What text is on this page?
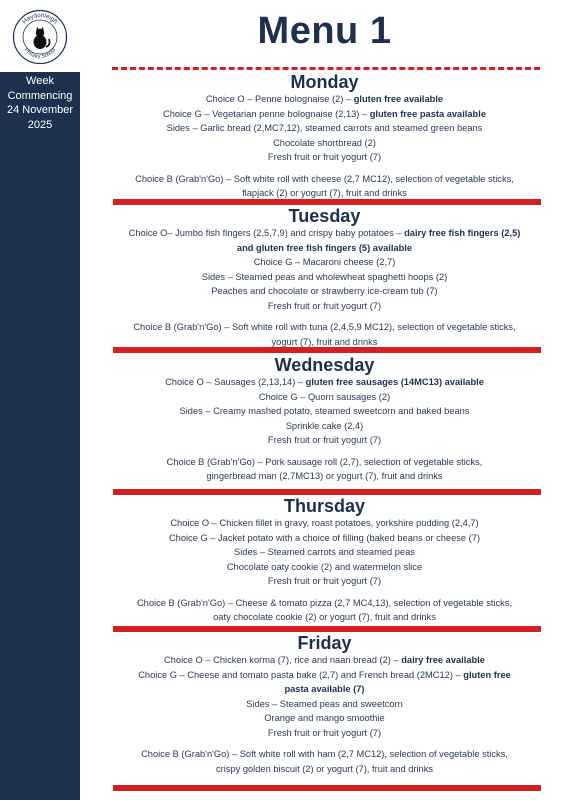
Week
Commencing
24 November
2025
Haydonleigh
Primary School	Menu 1
Monday
Choice O – Penne bolognaise (2) – gluten free available
Choice G – Vegetarian penne bolognaise (2,13) – gluten free pasta available
Sides – Garlic bread (2,MC7,12), steamed carrots and steamed green beans
Chocolate shortbread (2)
Fresh fruit or fruit yogurt (7)
Choice B (Grab'n'Go) – Soft white roll with cheese (2,7 MC12), selection of vegetable sticks,
flapjack (2) or yogurt (7), fruit and drinks
Tuesday
Choice O– Jumbo fish fingers (2,5,7,9) and crispy baby potatoes – dairy free fish fingers (2,5)
and gluten free fish fingers (5) available
Choice G – Macaroni cheese (2,7)
Sides – Steamed peas and wholewheat spaghetti hoops (2)
Peaches and chocolate or strawberry ice-cream tub (7)
Fresh fruit or fruit yogurt (7)
Choice B (Grab'n'Go) – Soft white roll with tuna (2,4,5,9 MC12), selection of vegetable sticks,
yogurt (7), fruit and drinks
Wednesday
Choice O – Sausages (2,13,14) – gluten free sausages (14MC13) available
Choice G – Quorn sausages (2)
Sides – Creamy mashed potato, steamed sweetcorn and baked beans
Sprinkle cake (2,4)
Fresh fruit or fruit yogurt (7)
Choice B (Grab'n'Go) – Pork sausage roll (2,7), selection of vegetable sticks,
gingerbread man (2,7MC13) or yogurt (7), fruit and drinks
Thursday
Choice O – Chicken fillet in gravy, roast potatoes, yorkshire pudding (2,4,7)
Choice G – Jacket potato with a choice of filling (baked beans or cheese (7)
Sides – Steamed carrots and steamed peas
Chocolate oaty cookie (2) and watermelon slice
Fresh fruit or fruit yogurt (7)
Choice B (Grab'n'Go) – Cheese & tomato pizza (2,7 MC4,13), selection of vegetable sticks,
oaty chocolate cookie (2) or yogurt (7), fruit and drinks
Friday
Choice O – Chicken korma (7), rice and naan bread (2) – dairy free available
Choice G – Cheese and tomato pasta bake (2,7) and French bread (2MC12) – gluten free
pasta available (7)
Sides – Steamed peas and sweetcorn
Orange and mango smoothie
Fresh fruit or fruit yogurt (7)
Choice B (Grab'n'Go) – Soft white roll with ham (2,7 MC12), selection of vegetable sticks,
crispy golden biscuit (2) or yogurt (7), fruit and drinks
